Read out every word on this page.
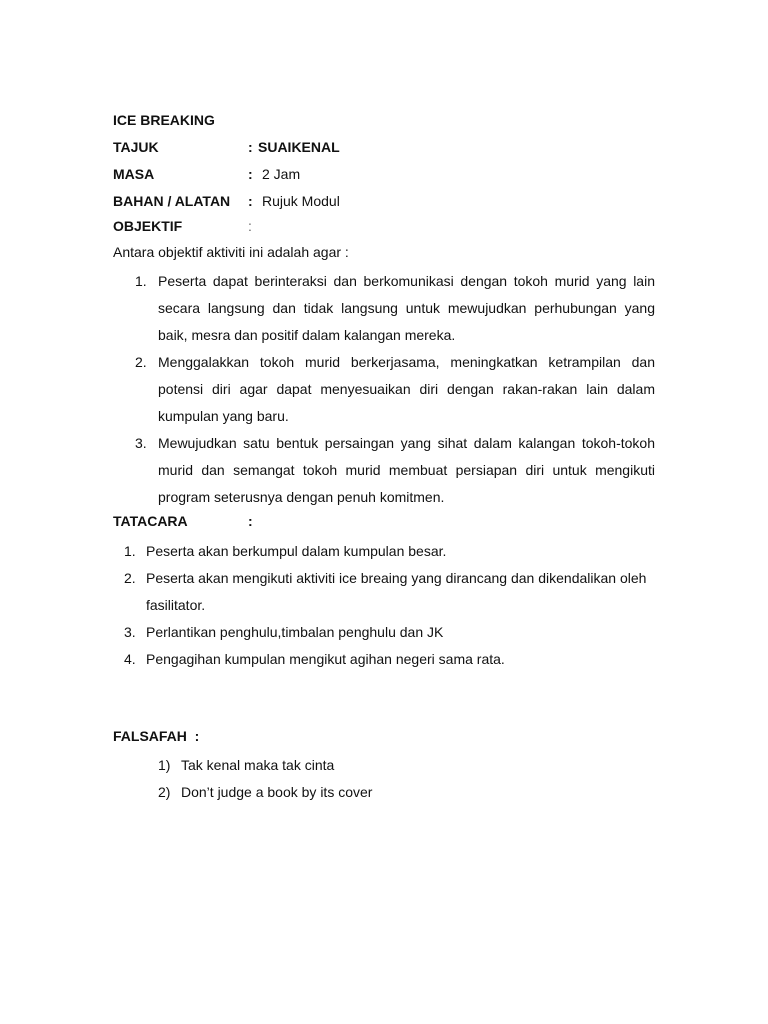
ICE BREAKING
TAJUK	: SUAIKENAL
MASA	: 2 Jam
BAHAN / ALATAN : Rujuk Modul
OBJEKTIF	:
Antara objektif aktiviti ini adalah agar :
1. Peserta dapat berinteraksi dan berkomunikasi dengan tokoh murid yang lain secara langsung dan tidak langsung untuk mewujudkan perhubungan yang baik, mesra dan positif dalam kalangan mereka.
2. Menggalakkan tokoh murid berkerjasama, meningkatkan ketrampilan dan potensi diri agar dapat menyesuaikan diri dengan rakan-rakan lain dalam kumpulan yang baru.
3. Mewujudkan satu bentuk persaingan yang sihat dalam kalangan tokoh-tokoh murid dan semangat tokoh murid membuat persiapan diri untuk mengikuti program seterusnya dengan penuh komitmen.
TATACARA	:
1. Peserta akan berkumpul dalam kumpulan besar.
2. Peserta akan mengikuti aktiviti ice breaing yang dirancang dan dikendalikan oleh fasilitator.
3. Perlantikan penghulu,timbalan penghulu dan JK
4. Pengagihan kumpulan mengikut agihan negeri sama rata.
FALSAFAH  :
1) Tak kenal maka tak cinta
2) Don’t judge a book by its cover
